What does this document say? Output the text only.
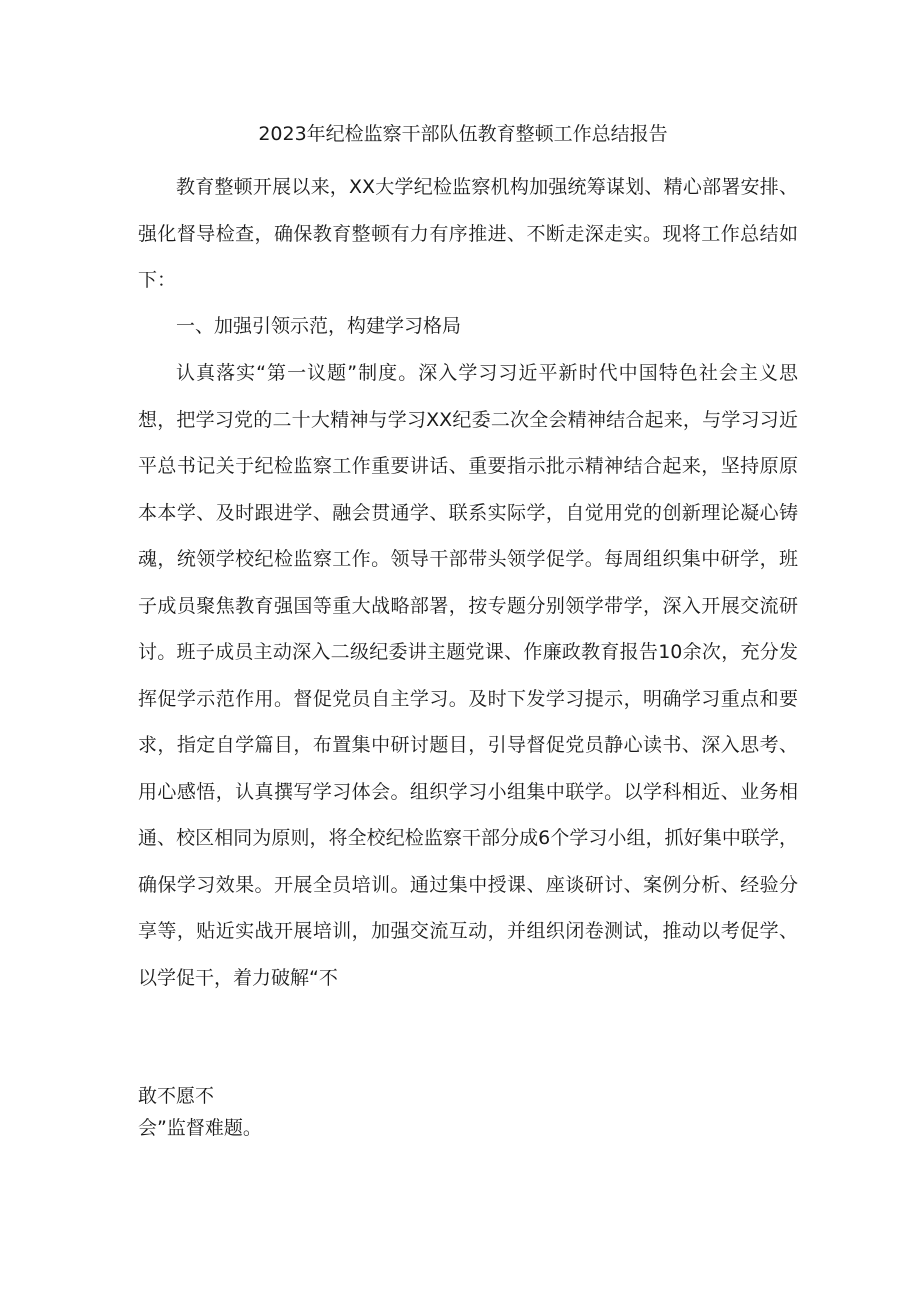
2023年纪检监察干部队伍教育整顿工作总结报告
教育整顿开展以来，XX大学纪检监察机构加强统筹谋划、精心部署安排、强化督导检查，确保教育整顿有力有序推进、不断走深走实。现将工作总结如下：
一、加强引领示范，构建学习格局
认真落实“第一议题”制度。深入学习习近平新时代中国特色社会主义思想，把学习党的二十大精神与学习XX纪委二次全会精神结合起来，与学习习近平总书记关于纪检监察工作重要讲话、重要指示批示精神结合起来，坚持原原本本学、及时跟进学、融会贯通学、联系实际学，自觉用党的创新理论凝心铸魂，统领学校纪检监察工作。领导干部带头领学促学。每周组织集中研学，班子成员聚焦教育强国等重大战略部署，按专题分别领学带学，深入开展交流研讨。班子成员主动深入二级纪委讲主题党课、作廉政教育报告10余次，充分发挥促学示范作用。督促党员自主学习。及时下发学习提示，明确学习重点和要求，指定自学篇目，布置集中研讨题目，引导督促党员静心读书、深入思考、用心感悟，认真撰写学习体会。组织学习小组集中联学。以学科相近、业务相通、校区相同为原则，将全校纪检监察干部分成6个学习小组，抓好集中联学，确保学习效果。开展全员培训。通过集中授课、座谈研讨、案例分析、经验分享等，贴近实战开展培训，加强交流互动，并组织闭卷测试，推动以考促学、以学促干，着力破解“不
敢不愿不
会”监督难题。
